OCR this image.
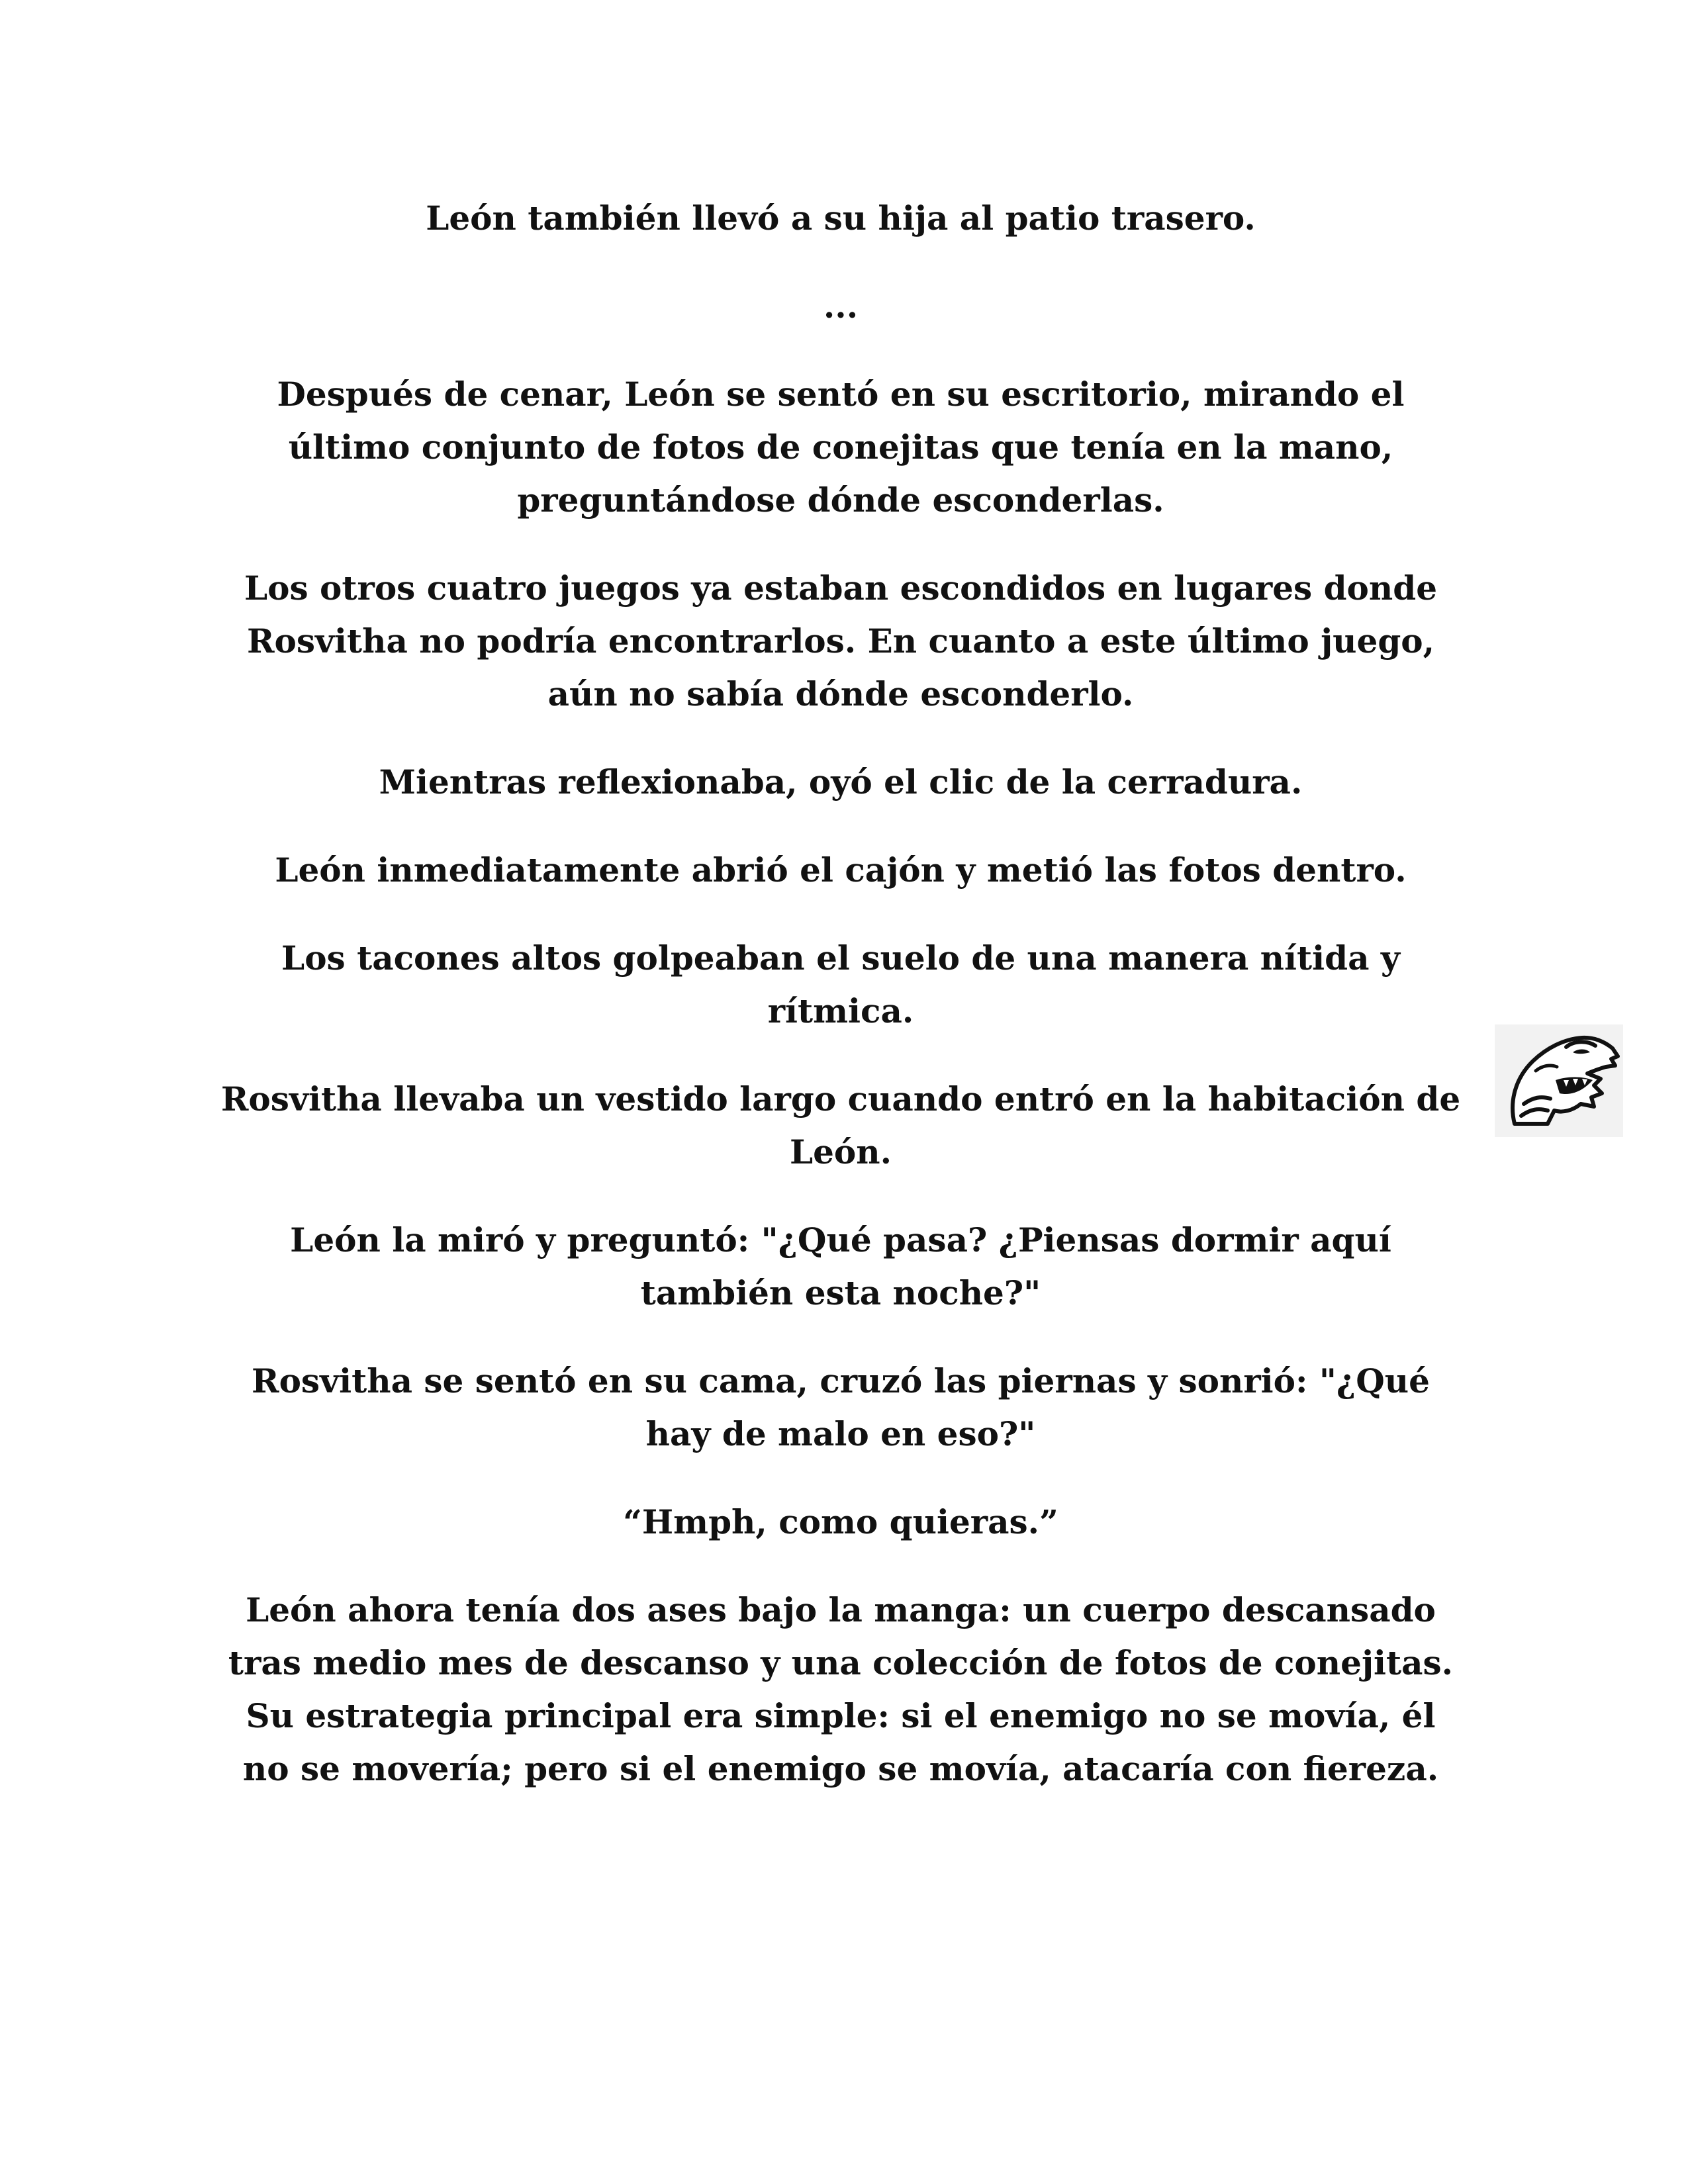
León también llevó a su hija al patio trasero.

...

Después de cenar, León se sentó en su escritorio, mirando el último conjunto de fotos de conejitas que tenía en la mano, preguntándose dónde esconderlas.

Los otros cuatro juegos ya estaban escondidos en lugares donde Rosvitha no podría encontrarlos. En cuanto a este último juego, aún no sabía dónde esconderlo.

Mientras reflexionaba, oyó el clic de la cerradura.

León inmediatamente abrió el cajón y metió las fotos dentro.

Los tacones altos golpeaban el suelo de una manera nítida y rítmica.

Rosvitha llevaba un vestido largo cuando entró en la habitación de León.

León la miró y preguntó: "¿Qué pasa? ¿Piensas dormir aquí también esta noche?"

Rosvitha se sentó en su cama, cruzó las piernas y sonrió: "¿Qué hay de malo en eso?"

“Hmph, como quieras.”

León ahora tenía dos ases bajo la manga: un cuerpo descansado tras medio mes de descanso y una colección de fotos de conejitas. Su estrategia principal era simple: si el enemigo no se movía, él no se movería; pero si el enemigo se movía, atacaría con fiereza.
